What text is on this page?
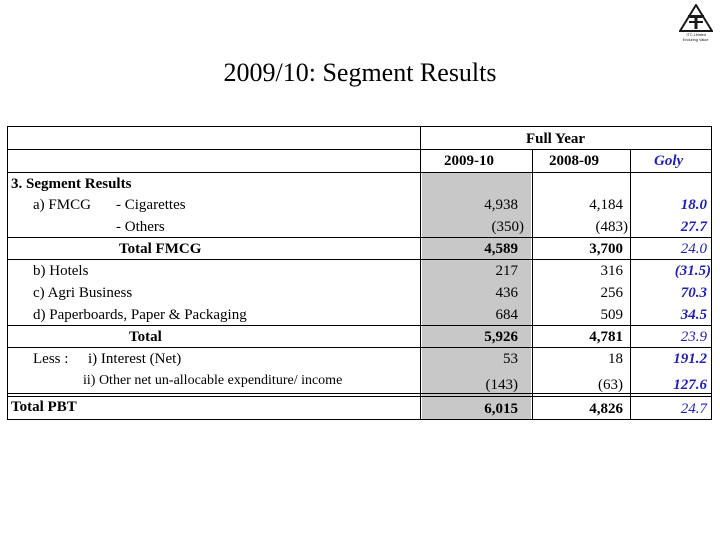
ITC Limited
Enduring Value
2009/10: Segment Results
Full Year
2009-10	2008-09	Goly
3. Segment Results
a) FMCG - Cigarettes	4,938	4,184	18.0
- Others	(350)	(483)	27.7
Total FMCG	4,589	3,700	24.0
b) Hotels	217	316	(31.5)
c) Agri Business	436	256	70.3
d) Paperboards, Paper & Packaging	684	509	34.5
Total	5,926	4,781	23.9
Less : i) Interest (Net)	53	18	191.2
ii) Other net un-allocable expenditure/ income	(143)	(63)	127.6
Total PBT	6,015	4,826	24.7
